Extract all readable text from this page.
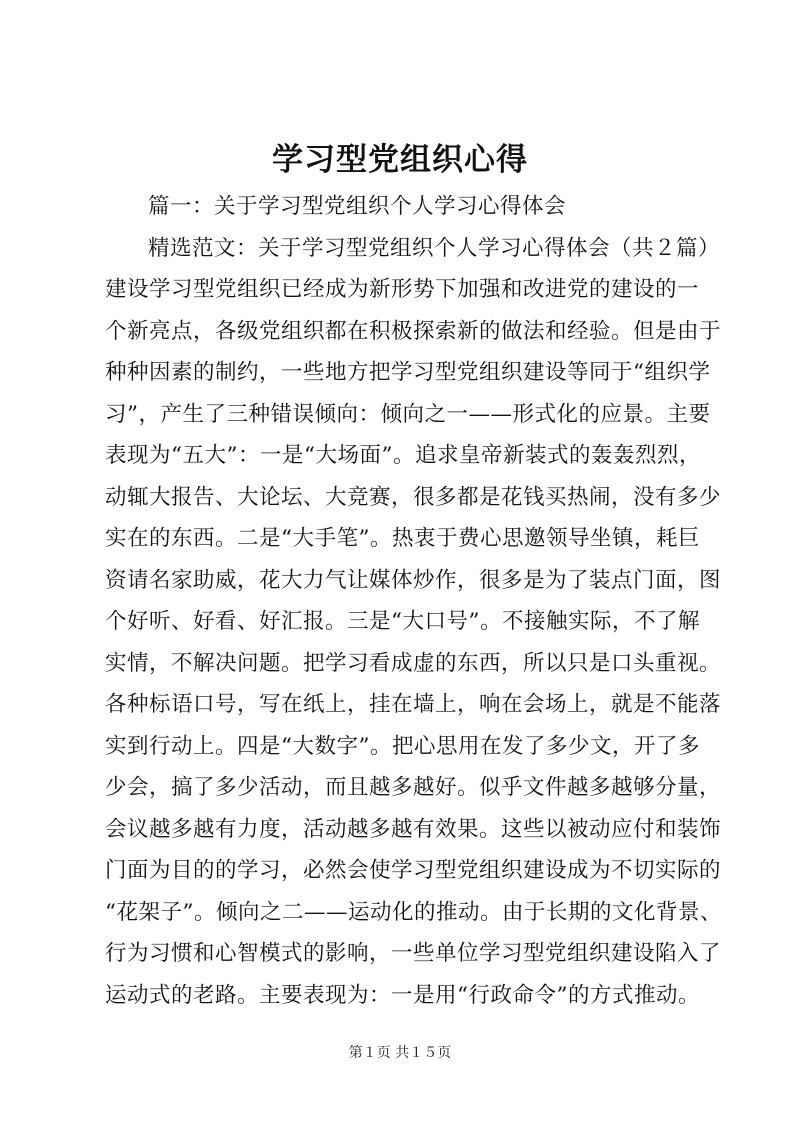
学习型党组织心得
篇一：关于学习型党组织个人学习心得体会
精选范文：关于学习型党组织个人学习心得体会（共２篇）
建设学习型党组织已经成为新形势下加强和改进党的建设的一
个新亮点，各级党组织都在积极探索新的做法和经验。但是由于
种种因素的制约，一些地方把学习型党组织建设等同于“组织学
习”，产生了三种错误倾向：倾向之一——形式化的应景。主要
表现为“五大”：一是“大场面”。追求皇帝新装式的轰轰烈烈，
动辄大报告、大论坛、大竞赛，很多都是花钱买热闹，没有多少
实在的东西。二是“大手笔”。热衷于费心思邀领导坐镇，耗巨
资请名家助威，花大力气让媒体炒作，很多是为了装点门面，图
个好听、好看、好汇报。三是“大口号”。不接触实际，不了解
实情，不解决问题。把学习看成虚的东西，所以只是口头重视。
各种标语口号，写在纸上，挂在墙上，响在会场上，就是不能落
实到行动上。四是“大数字”。把心思用在发了多少文，开了多
少会，搞了多少活动，而且越多越好。似乎文件越多越够分量，
会议越多越有力度，活动越多越有效果。这些以被动应付和装饰
门面为目的的学习，必然会使学习型党组织建设成为不切实际的
“花架子”。倾向之二——运动化的推动。由于长期的文化背景、
行为习惯和心智模式的影响，一些单位学习型党组织建设陷入了
运动式的老路。主要表现为：一是用“行政命令”的方式推动。
第１页 共１５页
